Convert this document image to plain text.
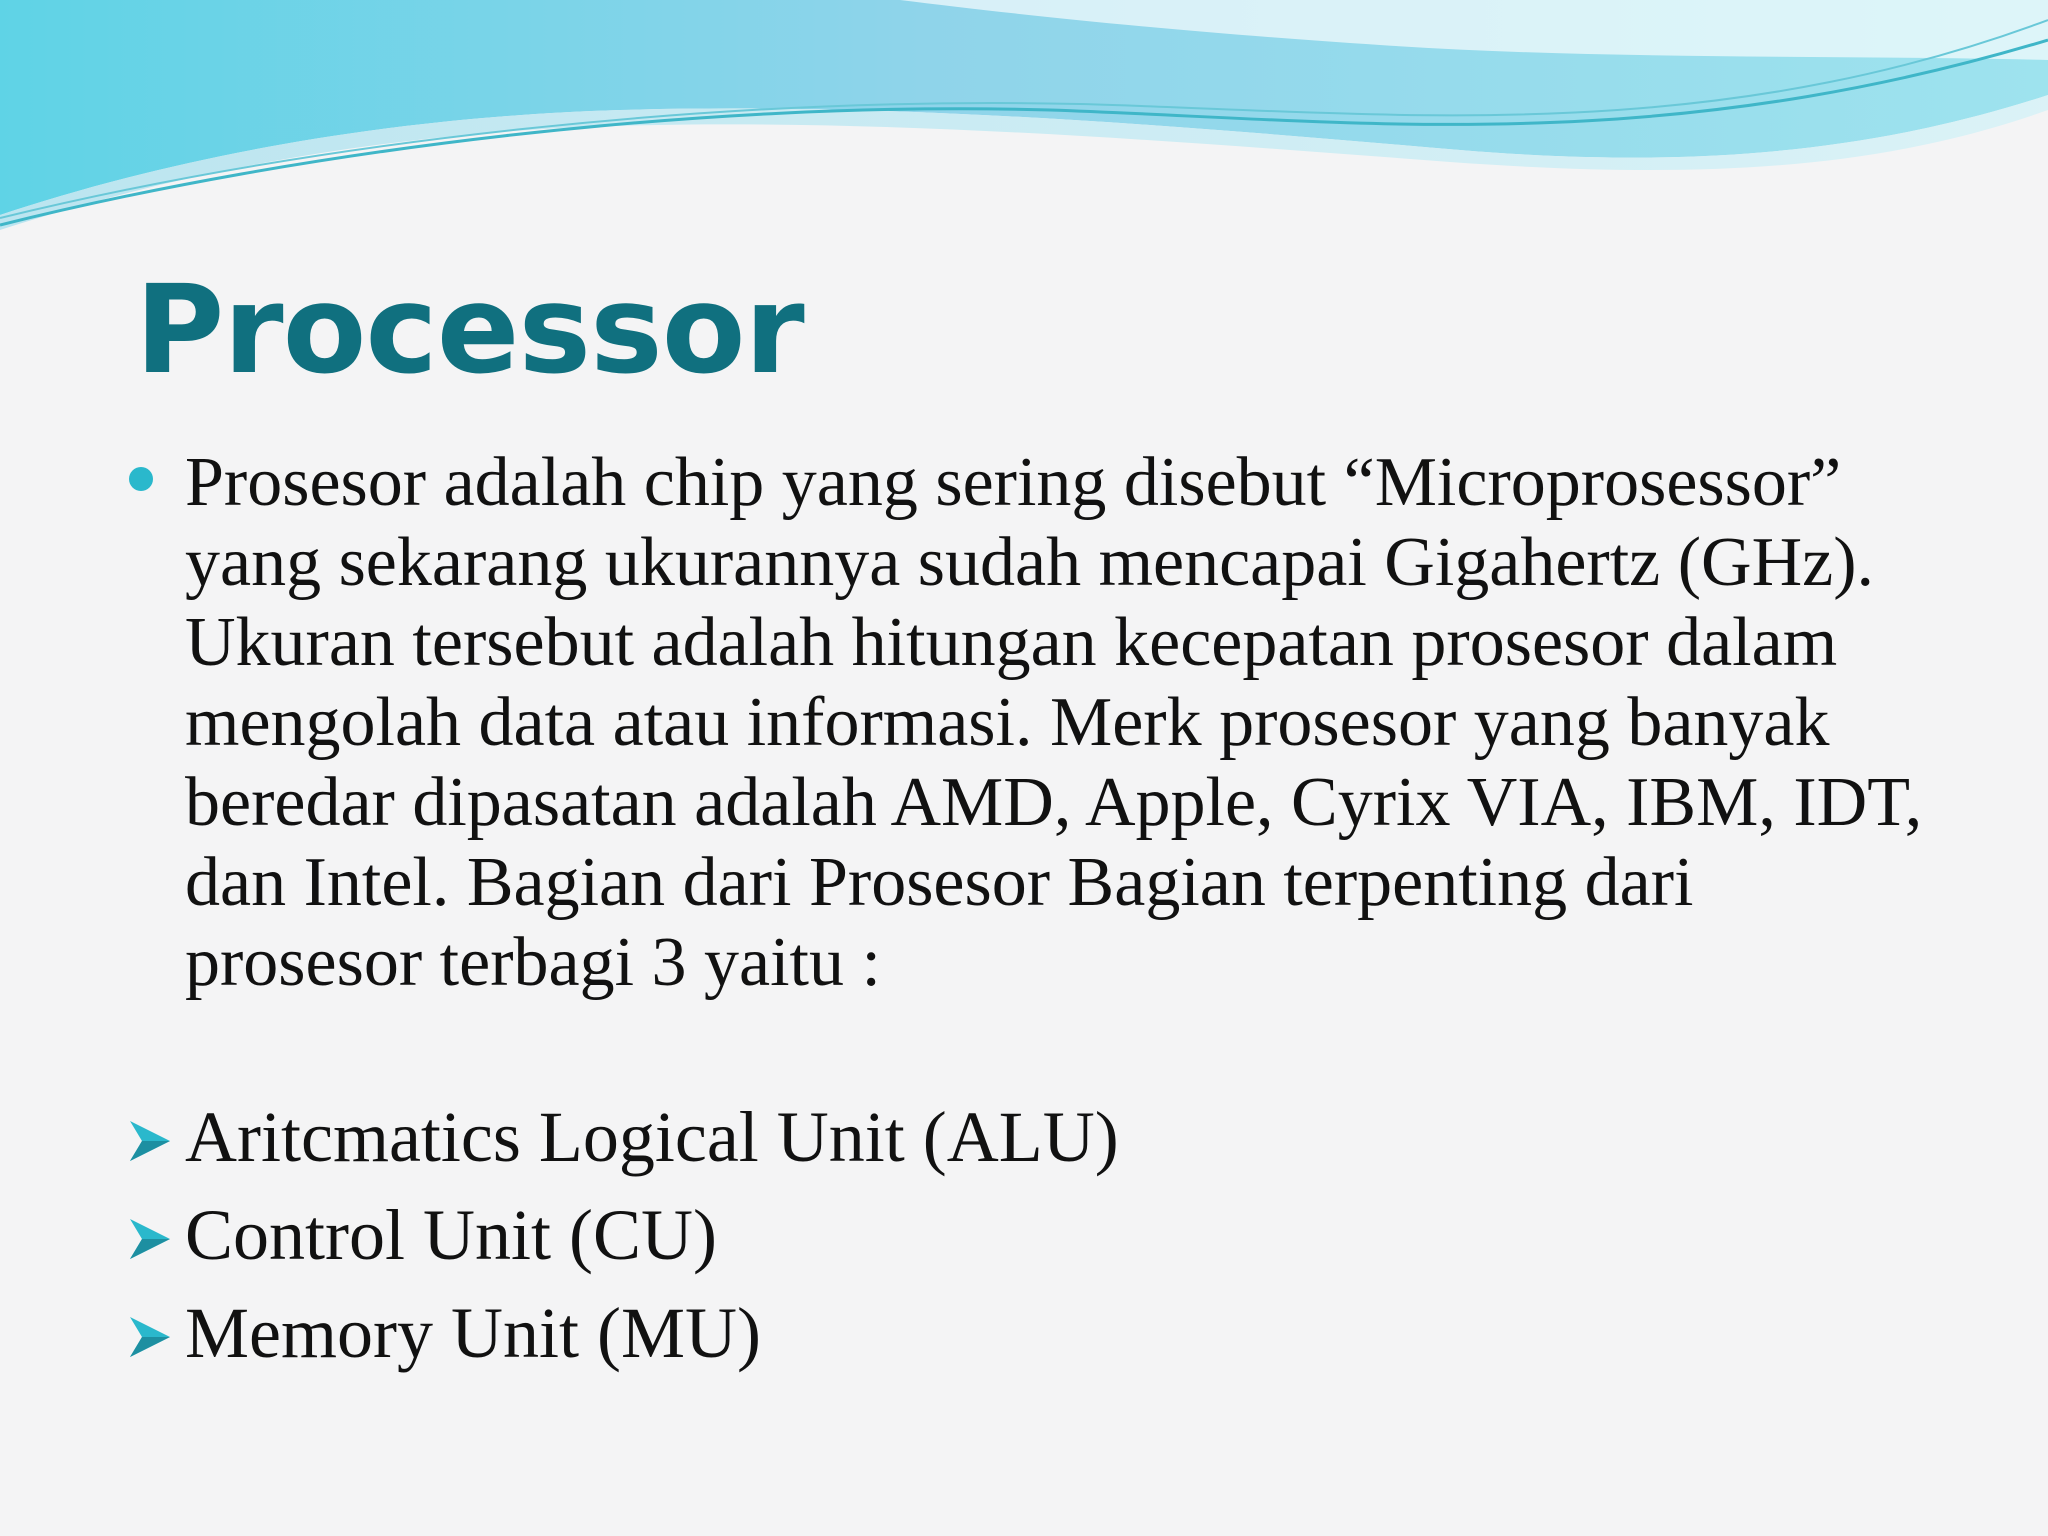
Processor

Prosesor adalah chip yang sering disebut “Microprosessor” yang sekarang ukurannya sudah mencapai Gigahertz (GHz). Ukuran tersebut adalah hitungan kecepatan prosesor dalam mengolah data atau informasi. Merk prosesor yang banyak beredar dipasatan adalah AMD, Apple, Cyrix VIA, IBM, IDT, dan Intel. Bagian dari Prosesor Bagian terpenting dari prosesor terbagi 3 yaitu :

Aritcmatics Logical Unit (ALU)
Control Unit (CU)
Memory Unit (MU)
